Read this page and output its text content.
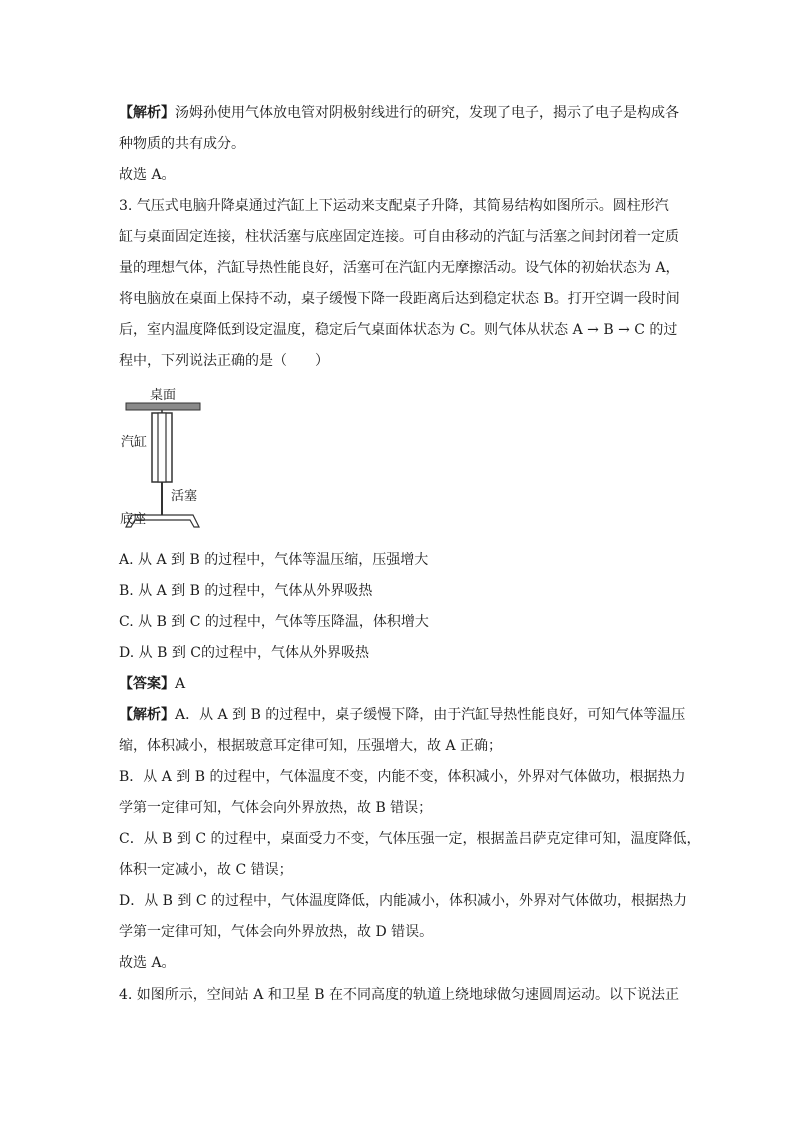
【解析】汤姆孙使用气体放电管对阴极射线进行的研究，发现了电子，揭示了电子是构成各
种物质的共有成分。
故选 A。
3. 气压式电脑升降桌通过汽缸上下运动来支配桌子升降，其简易结构如图所示。圆柱形汽
缸与桌面固定连接，柱状活塞与底座固定连接。可自由移动的汽缸与活塞之间封闭着一定质
量的理想气体，汽缸导热性能良好，活塞可在汽缸内无摩擦活动。设气体的初始状态为 A，
将电脑放在桌面上保持不动，桌子缓慢下降一段距离后达到稳定状态 B。打开空调一段时间
后，室内温度降低到设定温度，稳定后气桌面体状态为 C。则气体从状态 A → B → C 的过
程中，下列说法正确的是（　　）
桌面
汽缸
活塞
底座
A. 从 A 到 B 的过程中，气体等温压缩，压强增大
B. 从 A 到 B 的过程中，气体从外界吸热
C. 从 B 到 C 的过程中，气体等压降温，体积增大
D. 从 B 到 C的过程中，气体从外界吸热
【答案】A
【解析】A．从 A 到 B 的过程中，桌子缓慢下降，由于汽缸导热性能良好，可知气体等温压
缩，体积减小，根据玻意耳定律可知，压强增大，故 A 正确；
B．从 A 到 B 的过程中，气体温度不变，内能不变，体积减小，外界对气体做功，根据热力
学第一定律可知，气体会向外界放热，故 B 错误；
C．从 B 到 C 的过程中，桌面受力不变，气体压强一定，根据盖吕萨克定律可知，温度降低，
体积一定减小，故 C 错误；
D．从 B 到 C 的过程中，气体温度降低，内能减小，体积减小，外界对气体做功，根据热力
学第一定律可知，气体会向外界放热，故 D 错误。
故选 A。
4. 如图所示，空间站 A 和卫星 B 在不同高度的轨道上绕地球做匀速圆周运动。以下说法正
